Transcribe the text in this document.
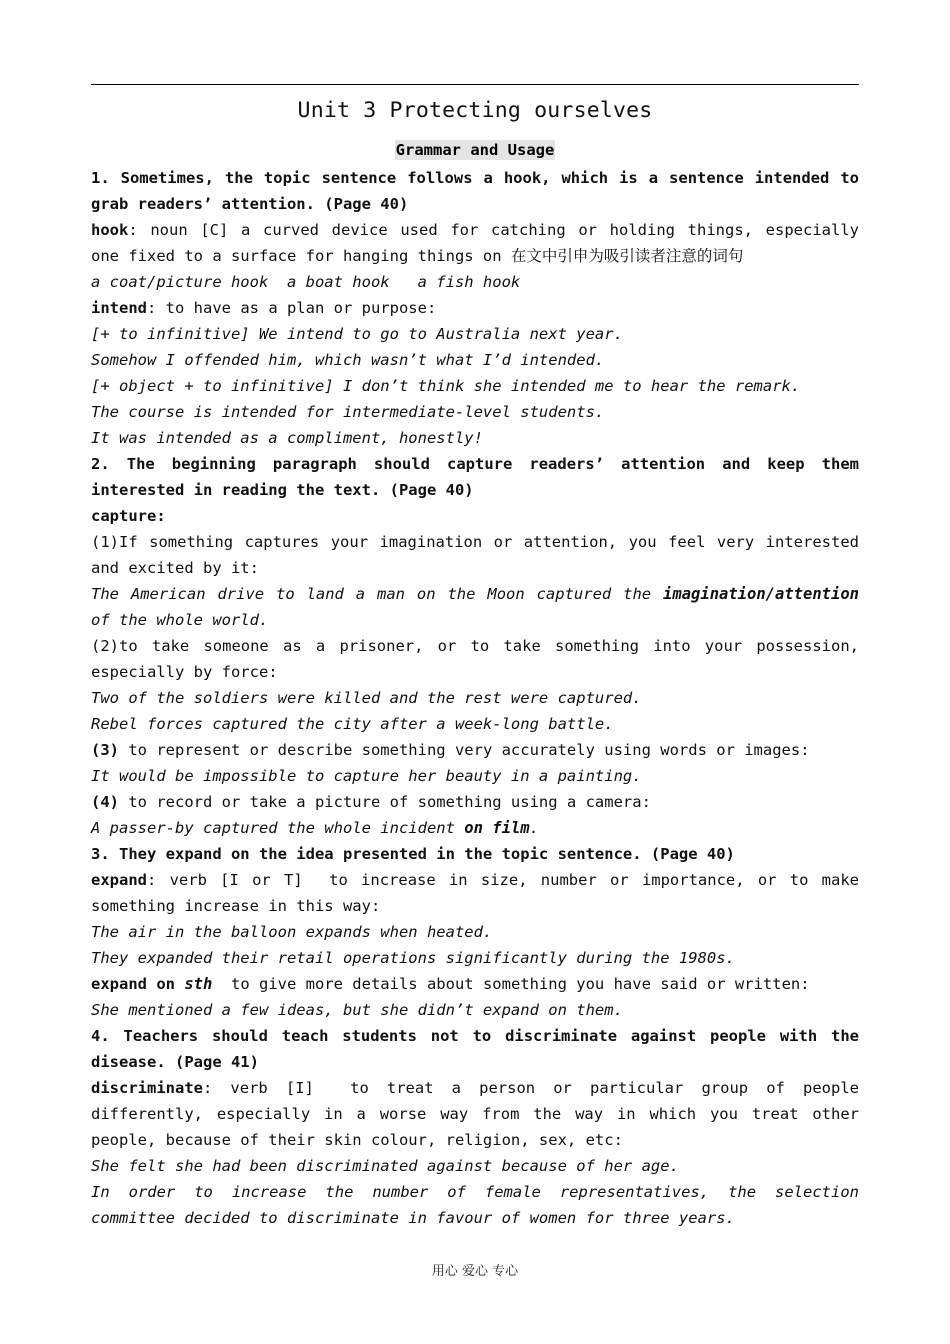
Unit 3 Protecting ourselves
Grammar and Usage
1. Sometimes, the topic sentence follows a hook, which is a sentence intended to
grab readers’ attention. (Page 40)
hook: noun [C] a curved device used for catching or holding things, especially
one fixed to a surface for hanging things on 在文中引申为吸引读者注意的词句
a coat/picture hook  a boat hook   a fish hook
intend: to have as a plan or purpose:
[+ to infinitive] We intend to go to Australia next year.
Somehow I offended him, which wasn’t what I’d intended.
[+ object + to infinitive] I don’t think she intended me to hear the remark.
The course is intended for intermediate-level students.
It was intended as a compliment, honestly!
2. The beginning paragraph should capture readers’ attention and keep them
interested in reading the text. (Page 40)
capture:
(1)If something captures your imagination or attention, you feel very interested
and excited by it:
The American drive to land a man on the Moon captured the imagination/attention
of the whole world.
(2)to take someone as a prisoner, or to take something into your possession,
especially by force:
Two of the soldiers were killed and the rest were captured.
Rebel forces captured the city after a week-long battle.
(3) to represent or describe something very accurately using words or images:
It would be impossible to capture her beauty in a painting.
(4) to record or take a picture of something using a camera:
A passer-by captured the whole incident on film.
3. They expand on the idea presented in the topic sentence. (Page 40)
expand: verb [I or T]  to increase in size, number or importance, or to make
something increase in this way:
The air in the balloon expands when heated.
They expanded their retail operations significantly during the 1980s.
expand on sth  to give more details about something you have said or written:
She mentioned a few ideas, but she didn’t expand on them.
4. Teachers should teach students not to discriminate against people with the
disease. (Page 41)
discriminate: verb [I]  to treat a person or particular group of people
differently, especially in a worse way from the way in which you treat other
people, because of their skin colour, religion, sex, etc:
She felt she had been discriminated against because of her age.
In order to increase the number of female representatives, the selection
committee decided to discriminate in favour of women for three years.
用心 爱心 专心
